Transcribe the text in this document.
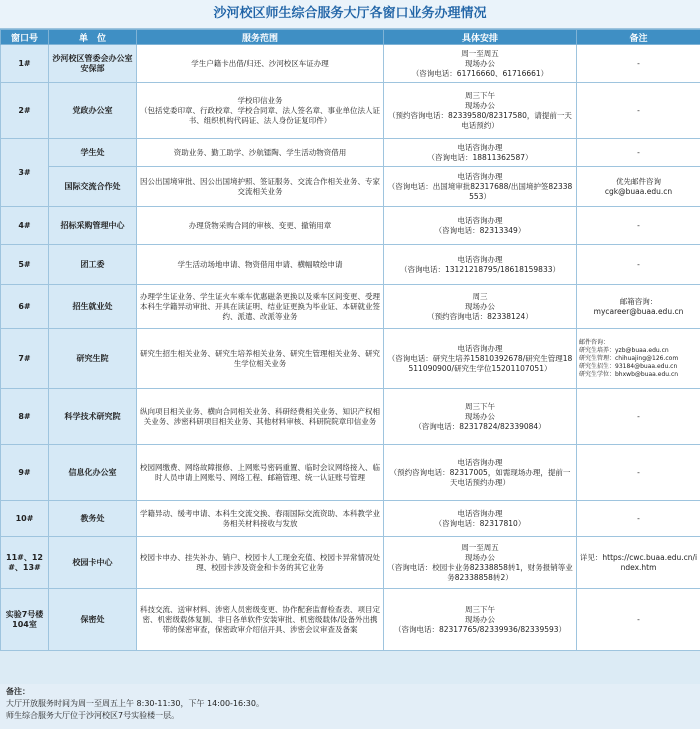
沙河校区师生综合服务大厅各窗口业务办理情况
窗口号	单　位	服务范围	具体安排	备注
1#	沙河校区管委会办公室安保部	学生户籍卡出借/归还、沙河校区车证办理	周一至周五
现场办公
（咨询电话：61716660、61716661）	-
2#	党政办公室	学校印信业务
（包括党委印章、行政校章、学校合同章、法人签名章、事业单位法人证书、组织机构代码证、法人身份证复印件）	周三下午
现场办公
（预约咨询电话：82339580/82317580，请提前一天电话预约）	-
3#	学生处	资助业务、勤工助学、沙航镭陶、学生活动物资借用	电话咨询办理
（咨询电话：18811362587）	-
	国际交流合作处	因公出国境审批、因公出国境护照、签证服务、交流合作相关业务、专家交流相关业务	电话咨询办理
（咨询电话：出国境审批82317688/出国境护签82338553）	优先邮件咨询
cgk@buaa.edu.cn
4#	招标采购管理中心	办理货物采购合同的审核、变更、撤销用章	电话咨询办理
（咨询电话：82313349）	-
5#	团工委	学生活动场地申请、物资借用申请、横幅喷绘申请	电话咨询办理
（咨询电话：13121218795/18618159833）	-
6#	招生就业处	办理学生证业务、学生证火车乘车优惠磁条更换以及乘车区间变更、受理本科生学籍异动审批、开具在读证明、结业证更换为毕业证、本研就业签约、派遣、改派等业务	周三
现场办公
（预约咨询电话：82338124）	邮箱咨询：
mycareer@buaa.edu.cn
7#	研究生院	研究生招生相关业务、研究生培养相关业务、研究生管理相关业务、研究生学位相关业务	电话咨询办理
（咨询电话：研究生培养15810392678/研究生管理18511090900/研究生学位15201107051）	邮件咨询：
研究生培养：yzb@buaa.edu.cn
研究生管理：chihuajing@126.com
研究生招生：93184@buaa.edu.cn
研究生学位：bhxwb@buaa.edu.cn
8#	科学技术研究院	纵向项目相关业务、横向合同相关业务、科研经费相关业务、知识产权相关业务、涉密科研项目相关业务、其他材料审核、科研院院章印信业务	周三下午
现场办公
（咨询电话：82317824/82339084）	-
9#	信息化办公室	校园网缴费、网络故障报修、上网账号密码重置、临时会议网络接入、临时人员申请上网账号、网络工程、邮箱管理、统一认证账号管理	电话咨询办理
（预约咨询电话：82317005，如需现场办理，提前一天电话预约办理）	-
10#	教务处	学籍异动、缓考申请、本科生交流交换、春雨国际交流资助、本科教学业务相关材料接收与发放	电话咨询办理
（咨询电话：82317810）	-
11#、12#、13#	校园卡中心	校园卡申办、挂失补办、销户、校园卡人工现金充值、校园卡异常情况处理、校园卡涉及资金和卡务的其它业务	周一至周五
现场办公
（咨询电话：校园卡业务82338858转1，财务报销等业务82338858转2）	详见：https://cwc.buaa.edu.cn/index.htm
实验7号楼104室	保密处	科技交流、送审材料、涉密人员密级变更、协作配套监督检查表、项目定密、机密级载体复制、非日各单软件安装审批、机密级载体/设备外出携带的保密审查，保密政审介绍信开具、涉密会议审查及备案	周三下午
现场办公
（咨询电话：82317765/82339936/82339593）	-
备注：
大厅开放服务时间为周一至周五上午 8:30-11:30，下午 14:00-16:30。
师生综合服务大厅位于沙河校区7号实验楼一层。
